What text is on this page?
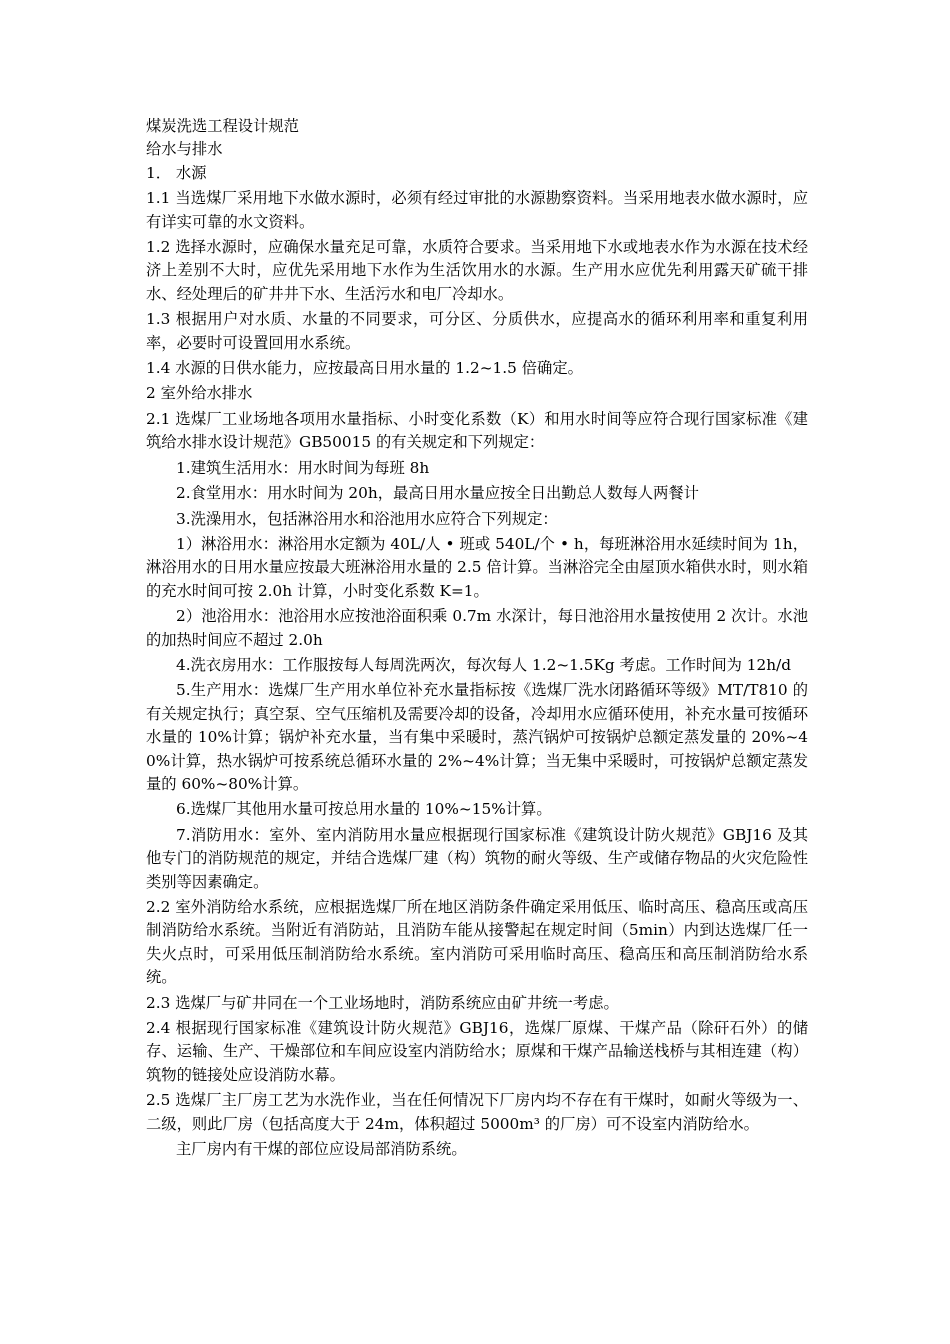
煤炭洗选工程设计规范

给水与排水

1． 水源

1.1 当选煤厂采用地下水做水源时，必须有经过审批的水源勘察资料。当采用地表水做水源时，应有详实可靠的水文资料。

1.2 选择水源时，应确保水量充足可靠，水质符合要求。当采用地下水或地表水作为水源在技术经济上差别不大时，应优先采用地下水作为生活饮用水的水源。生产用水应优先利用露天矿硫干排水、经处理后的矿井井下水、生活污水和电厂冷却水。

1.3 根据用户对水质、水量的不同要求，可分区、分质供水，应提高水的循环利用率和重复利用率，必要时可设置回用水系统。

1.4 水源的日供水能力，应按最高日用水量的 1.2~1.5 倍确定。

2 室外给水排水

2.1 选煤厂工业场地各项用水量指标、小时变化系数（K）和用水时间等应符合现行国家标准《建筑给水排水设计规范》GB50015 的有关规定和下列规定：

1.建筑生活用水：用水时间为每班 8h

2.食堂用水：用水时间为 20h，最高日用水量应按全日出勤总人数每人两餐计

3.洗澡用水，包括淋浴用水和浴池用水应符合下列规定：

1）淋浴用水：淋浴用水定额为 40L/人 • 班或 540L/个 • h，每班淋浴用水延续时间为 1h，淋浴用水的日用水量应按最大班淋浴用水量的 2.5 倍计算。当淋浴完全由屋顶水箱供水时，则水箱的充水时间可按 2.0h 计算，小时变化系数 K=1。

2）池浴用水：池浴用水应按池浴面积乘 0.7m 水深计，每日池浴用水量按使用 2 次计。水池的加热时间应不超过 2.0h

4.洗衣房用水：工作服按每人每周洗两次，每次每人 1.2~1.5Kg 考虑。工作时间为 12h/d

5.生产用水：选煤厂生产用水单位补充水量指标按《选煤厂洗水闭路循环等级》MT/T810 的有关规定执行；真空泵、空气压缩机及需要冷却的设备，冷却用水应循环使用，补充水量可按循环水量的 10%计算；锅炉补充水量，当有集中采暖时，蒸汽锅炉可按锅炉总额定蒸发量的 20%~40%计算，热水锅炉可按系统总循环水量的 2%~4%计算；当无集中采暖时，可按锅炉总额定蒸发量的 60%~80%计算。

6.选煤厂其他用水量可按总用水量的 10%~15%计算。

7.消防用水：室外、室内消防用水量应根据现行国家标准《建筑设计防火规范》GBJ16 及其他专门的消防规范的规定，并结合选煤厂建（构）筑物的耐火等级、生产或储存物品的火灾危险性类别等因素确定。

2.2 室外消防给水系统，应根据选煤厂所在地区消防条件确定采用低压、临时高压、稳高压或高压制消防给水系统。当附近有消防站，且消防车能从接警起在规定时间（5min）内到达选煤厂任一失火点时，可采用低压制消防给水系统。室内消防可采用临时高压、稳高压和高压制消防给水系统。

2.3 选煤厂与矿井同在一个工业场地时，消防系统应由矿井统一考虑。

2.4 根据现行国家标准《建筑设计防火规范》GBJ16，选煤厂原煤、干煤产品（除矸石外）的储存、运输、生产、干燥部位和车间应设室内消防给水；原煤和干煤产品输送栈桥与其相连建（构）筑物的链接处应设消防水幕。

2.5 选煤厂主厂房工艺为水洗作业，当在任何情况下厂房内均不存在有干煤时，如耐火等级为一、二级，则此厂房（包括高度大于 24m，体积超过 5000m³ 的厂房）可不设室内消防给水。

主厂房内有干煤的部位应设局部消防系统。
